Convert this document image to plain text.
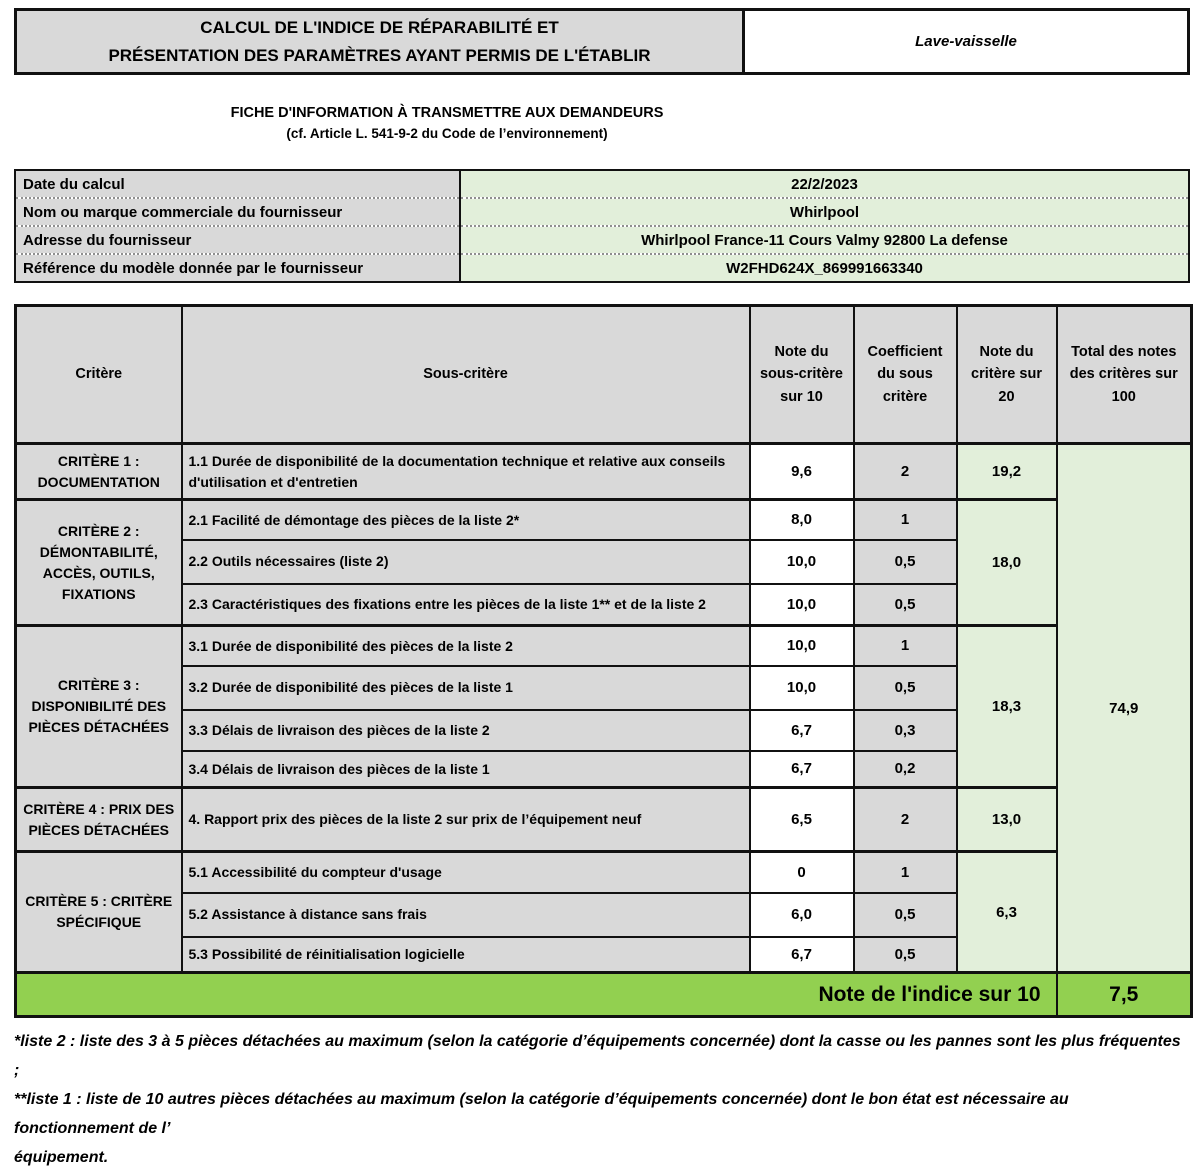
CALCUL DE L'INDICE DE RÉPARABILITÉ ET
PRÉSENTATION DES PARAMÈTRES AYANT PERMIS DE L'ÉTABLIR
Lave-vaisselle
FICHE D'INFORMATION À TRANSMETTRE AUX DEMANDEURS
(cf. Article L. 541-9-2 du Code de l’environnement)
Date du calcul	22/2/2023
Nom ou marque commerciale du fournisseur	Whirlpool
Adresse du fournisseur	Whirlpool France-11 Cours Valmy 92800 La defense
Référence du modèle donnée par le fournisseur	W2FHD624X_869991663340
Critère	Sous-critère	Note du sous-critère sur 10	Coefficient du sous critère	Note du critère sur 20	Total des notes des critères sur 100
CRITÈRE 1 : DOCUMENTATION	1.1 Durée de disponibilité de la documentation technique et relative aux conseils d'utilisation et d'entretien	9,6	2	19,2	74,9
CRITÈRE 2 : DÉMONTABILITÉ, ACCÈS, OUTILS, FIXATIONS	2.1 Facilité de démontage des pièces de la liste 2*	8,0	1	18,0	
	2.2 Outils nécessaires (liste 2)	10,0	0,5		
	2.3 Caractéristiques des fixations entre les pièces de la liste 1** et de la liste 2	10,0	0,5		
CRITÈRE 3 : DISPONIBILITÉ DES PIÈCES DÉTACHÉES	3.1 Durée de disponibilité des pièces de la liste 2	10,0	1	18,3	
	3.2 Durée de disponibilité des pièces de la liste 1	10,0	0,5		
	3.3 Délais de livraison des pièces de la liste 2	6,7	0,3		
	3.4 Délais de livraison des pièces de la liste 1	6,7	0,2		
CRITÈRE 4 : PRIX DES PIÈCES DÉTACHÉES	4. Rapport prix des pièces de la liste 2 sur prix de l’équipement neuf	6,5	2	13,0	
CRITÈRE 5 : CRITÈRE SPÉCIFIQUE	5.1 Accessibilité du compteur d'usage	0	1	6,3	
	5.2 Assistance à distance sans frais	6,0	0,5		
	5.3 Possibilité de réinitialisation logicielle	6,7	0,5		
Note de l'indice sur 10					7,5
*liste 2 : liste des 3 à 5 pièces détachées au maximum (selon la catégorie d’équipements concernée) dont la casse ou les pannes sont les plus fréquentes ;
**liste 1 : liste de 10 autres pièces détachées au maximum (selon la catégorie d’équipements concernée) dont le bon état est nécessaire au fonctionnement de l’
équipement.
